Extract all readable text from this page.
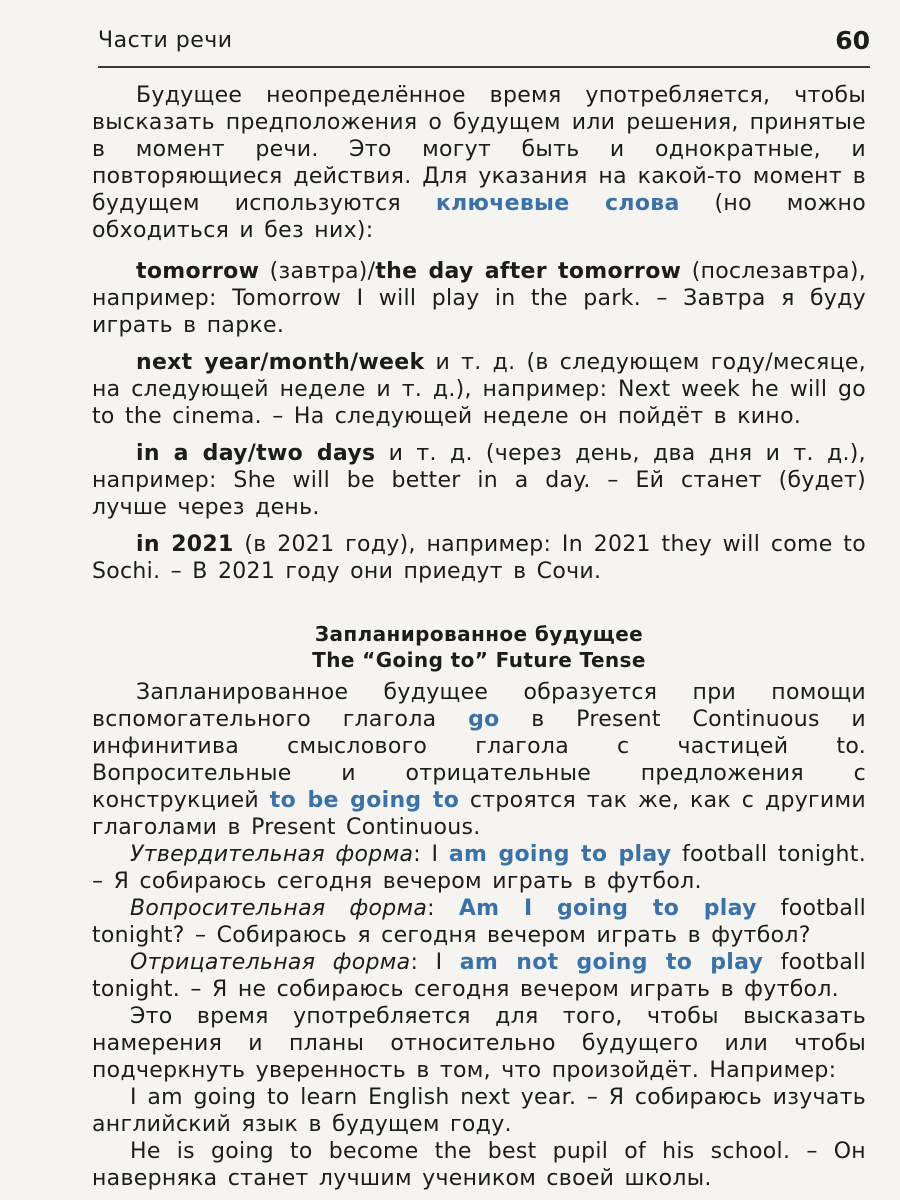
Части речи	60

Будущее неопределённое время употребляется, чтобы высказать предположения о будущем или решения, принятые в момент речи. Это могут быть и однократные, и повторяющиеся действия. Для указания на какой-то момент в будущем используются ключевые слова (но можно обходиться и без них):

tomorrow (завтра)/the day after tomorrow (послезавтра), например: Tomorrow I will play in the park. – Завтра я буду играть в парке.

next year/month/week и т. д. (в следующем году/месяце, на следующей неделе и т. д.), например: Next week he will go to the cinema. – На следующей неделе он пойдёт в кино.

in a day/two days и т. д. (через день, два дня и т. д.), например: She will be better in a day. – Ей станет (будет) лучше через день.

in 2021 (в 2021 году), например: In 2021 they will come to Sochi. – В 2021 году они приедут в Сочи.

Запланированное будущее
The “Going to” Future Tense

Запланированное будущее образуется при помощи вспомогательного глагола go в Present Continuous и инфинитива смыслового глагола с частицей to. Вопросительные и отрицательные предложения с конструкцией to be going to строятся так же, как с другими глаголами в Present Continuous.

Утвердительная форма: I am going to play football tonight. – Я собираюсь сегодня вечером играть в футбол.

Вопросительная форма: Am I going to play football tonight? – Собираюсь я сегодня вечером играть в футбол?

Отрицательная форма: I am not going to play football tonight. – Я не собираюсь сегодня вечером играть в футбол.

Это время употребляется для того, чтобы высказать намерения и планы относительно будущего или чтобы подчеркнуть уверенность в том, что произойдёт. Например:

I am going to learn English next year. – Я собираюсь изучать английский язык в будущем году.

He is going to become the best pupil of his school. – Он наверняка станет лучшим учеником своей школы.
